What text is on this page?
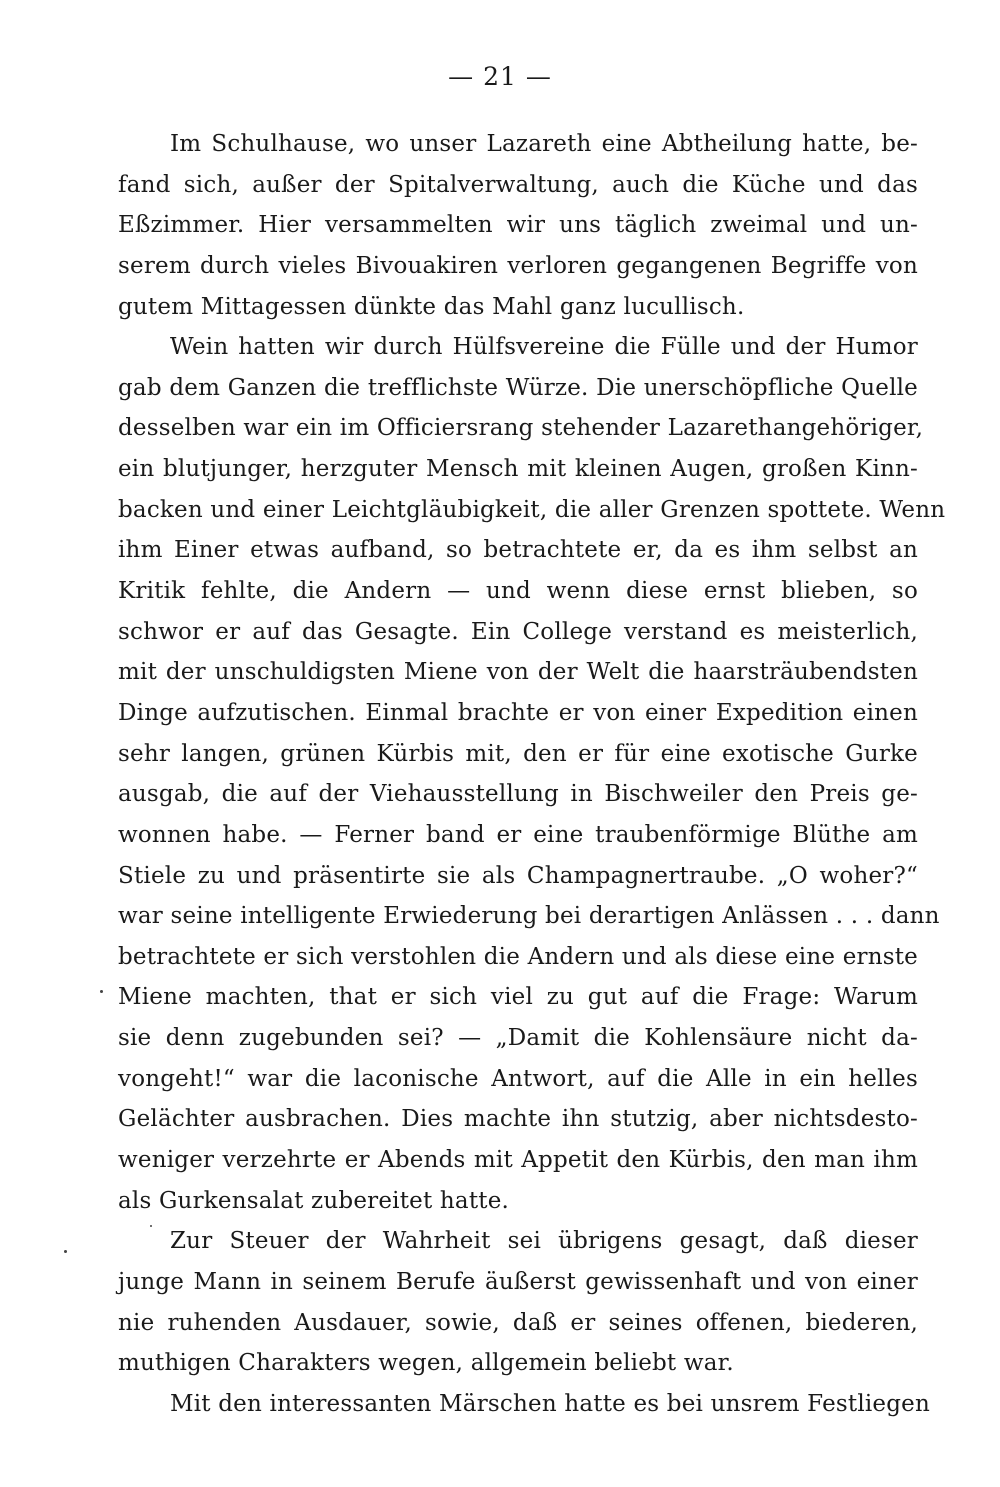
— 21 —
Im Schulhause, wo unser Lazareth eine Abtheilung hatte, be-
fand sich, außer der Spitalverwaltung, auch die Küche und das
Eßzimmer. Hier versammelten wir uns täglich zweimal und un-
serem durch vieles Bivouakiren verloren gegangenen Begriffe von
gutem Mittagessen dünkte das Mahl ganz lucullisch.
Wein hatten wir durch Hülfsvereine die Fülle und der Humor
gab dem Ganzen die trefflichste Würze. Die unerschöpfliche Quelle
desselben war ein im Officiersrang stehender Lazarethangehöriger,
ein blutjunger, herzguter Mensch mit kleinen Augen, großen Kinn-
backen und einer Leichtgläubigkeit, die aller Grenzen spottete. Wenn
ihm Einer etwas aufband, so betrachtete er, da es ihm selbst an
Kritik fehlte, die Andern — und wenn diese ernst blieben, so
schwor er auf das Gesagte. Ein College verstand es meisterlich,
mit der unschuldigsten Miene von der Welt die haarsträubendsten
Dinge aufzutischen. Einmal brachte er von einer Expedition einen
sehr langen, grünen Kürbis mit, den er für eine exotische Gurke
ausgab, die auf der Viehausstellung in Bischweiler den Preis ge-
wonnen habe. — Ferner band er eine traubenförmige Blüthe am
Stiele zu und präsentirte sie als Champagnertraube. „O woher?“
war seine intelligente Erwiederung bei derartigen Anlässen . . . dann
betrachtete er sich verstohlen die Andern und als diese eine ernste
Miene machten, that er sich viel zu gut auf die Frage: Warum
sie denn zugebunden sei? — „Damit die Kohlensäure nicht da-
vongeht!“ war die laconische Antwort, auf die Alle in ein helles
Gelächter ausbrachen. Dies machte ihn stutzig, aber nichtsdesto-
weniger verzehrte er Abends mit Appetit den Kürbis, den man ihm
als Gurkensalat zubereitet hatte.
Zur Steuer der Wahrheit sei übrigens gesagt, daß dieser
junge Mann in seinem Berufe äußerst gewissenhaft und von einer
nie ruhenden Ausdauer, sowie, daß er seines offenen, biederen,
muthigen Charakters wegen, allgemein beliebt war.
Mit den interessanten Märschen hatte es bei unsrem Festliegen
